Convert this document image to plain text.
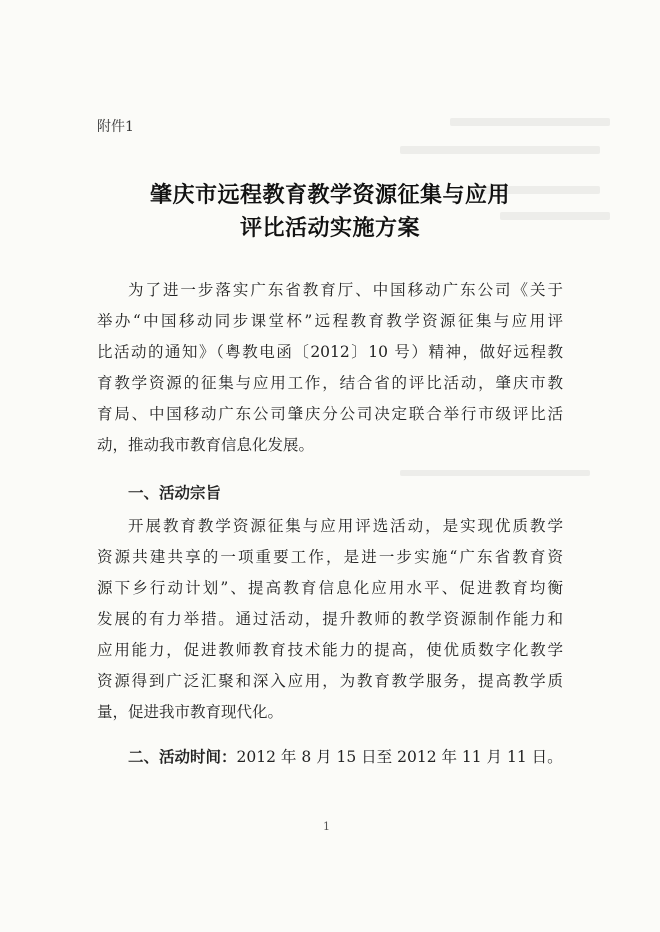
附件1
肇庆市远程教育教学资源征集与应用
评比活动实施方案
为了进一步落实广东省教育厅、中国移动广东公司《关于
举办“中国移动同步课堂杯”远程教育教学资源征集与应用评
比活动的通知》（粤教电函〔2012〕10 号）精神，做好远程教
育教学资源的征集与应用工作，结合省的评比活动，肇庆市教
育局、中国移动广东公司肇庆分公司决定联合举行市级评比活
动，推动我市教育信息化发展。
一、活动宗旨
开展教育教学资源征集与应用评选活动，是实现优质教学
资源共建共享的一项重要工作，是进一步实施“广东省教育资
源下乡行动计划”、提高教育信息化应用水平、促进教育均衡
发展的有力举措。通过活动，提升教师的教学资源制作能力和
应用能力，促进教师教育技术能力的提高，使优质数字化教学
资源得到广泛汇聚和深入应用，为教育教学服务，提高教学质
量，促进我市教育现代化。
二、活动时间：2012 年 8 月 15 日至 2012 年 11 月 11 日。
1
